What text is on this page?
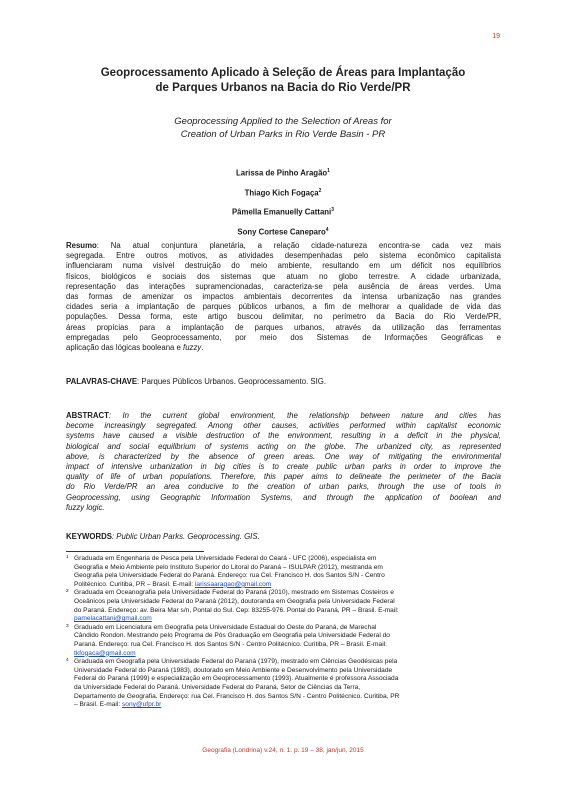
19
Geoprocessamento Aplicado à Seleção de Áreas para Implantação
de Parques Urbanos na Bacia do Rio Verde/PR
Geoprocessing Applied to the Selection of Areas for
Creation of Urban Parks in Rio Verde Basin - PR
Larissa de Pinho Aragão$^1$
Thiago Kich Fogaça$^2$
Pâmella Emanuelly Cattani$^3$
Sony Cortese Caneparo$^4$
Resumo: Na atual conjuntura planetária, a relação cidade-natureza encontra-se cada vez mais
segregada. Entre outros motivos, as atividades desempenhadas pelo sistema econômico capitalista
influenciaram numa visível destruição do meio ambiente, resultando em um déficit nos equilíbrios
físicos, biológicos e sociais dos sistemas que atuam no globo terrestre. A cidade urbanizada,
representação das interações supramencionadas, caracteriza-se pela ausência de áreas verdes. Uma
das formas de amenizar os impactos ambientais decorrentes da intensa urbanização nas grandes
cidades seria a implantação de parques públicos urbanos, a fim de melhorar a qualidade de vida das
populações. Dessa forma, este artigo buscou delimitar, no perímetro da Bacia do Rio Verde/PR,
áreas propícias para a implantação de parques urbanos, através da utilização das ferramentas
empregadas pelo Geoprocessamento, por meio dos Sistemas de Informações Geográficas e
aplicação das lógicas booleana e fuzzy.
PALAVRAS-CHAVE: Parques Públicos Urbanos. Geoprocessamento. SIG.
ABSTRACT: In the current global environment, the relationship between nature and cities has
become increasingly segregated. Among other causes, activities performed within capitalist economic
systems have caused a visible destruction of the environment, resulting in a deficit in the physical,
biological and social equilibrium of systems acting on the globe. The urbanized city, as represented
above, is characterized by the absence of green areas. One way of mitigating the environmental
impact of intensive urbanization in big cities is to create public urban parks in order to improve the
quality of life of urban populations. Therefore, this paper aims to delineate the perimeter of the Bacia
do Rio Verde/PR an area conducive to the creation of urban parks, through the use of tools in
Geoprocessing, using Geographic Information Systems, and through the application of boolean and
fuzzy logic.
KEYWORDS: Public Urban Parks. Geoprocessing. GIS.
1 Graduada em Engenharia de Pesca pela Universidade Federal do Ceará - UFC (2006), especialista em
Geografia e Meio Ambiente pelo Instituto Superior do Litoral do Paraná – ISULPAR (2012), mestranda em
Geografia pela Universidade Federal do Paraná. Endereço: rua Cel. Francisco H. dos Santos S/N - Centro
Politécnico. Curitiba, PR – Brasil. E-mail: larissaaragao@gmail.com
2 Graduada em Oceanografia pela Universidade Federal do Paraná (2010), mestrado em Sistemas Costeiros e
Oceânicos pela Universidade Federal do Paraná (2012), doutoranda em Geografia pela Universidade Federal
do Paraná. Endereço: av. Beira Mar s/n, Pontal do Sul. Cep: 83255-976. Pontal do Paraná, PR – Brasil. E-mail:
pamelacattani@gmail.com
3 Graduado em Licenciatura em Geografia pela Universidade Estadual do Oeste do Paraná, de Marechal
Cândido Rondon. Mestrando pelo Programa de Pós Graduação em Geografia pela Universidade Federal do
Paraná. Endereço: rua Cel. Francisco H. dos Santos S/N - Centro Politécnico. Curitiba, PR – Brasil. E-mail:
tkfogaca@gmail.com
4 Graduada em Geografia pela Universidade Federal do Paraná (1979), mestrado em Ciências Geodésicas pela
Universidade Federal do Paraná (1983), doutorado em Meio Ambiente e Desenvolvimento pela Universidade
Federal do Paraná (1999) e especialização em Geoprocessamento (1993). Atualmente é professora Associada
da Universidade Federal do Paraná. Universidade Federal do Paraná, Setor de Ciências da Terra,
Departamento de Geografia. Endereço: rua Cel. Francisco H. dos Santos S/N - Centro Politécnico. Curitiba, PR
– Brasil. E-mail: sony@ufpr.br
Geografia (Londrina) v.24, n. 1. p. 19 – 38, jan/jun, 2015
